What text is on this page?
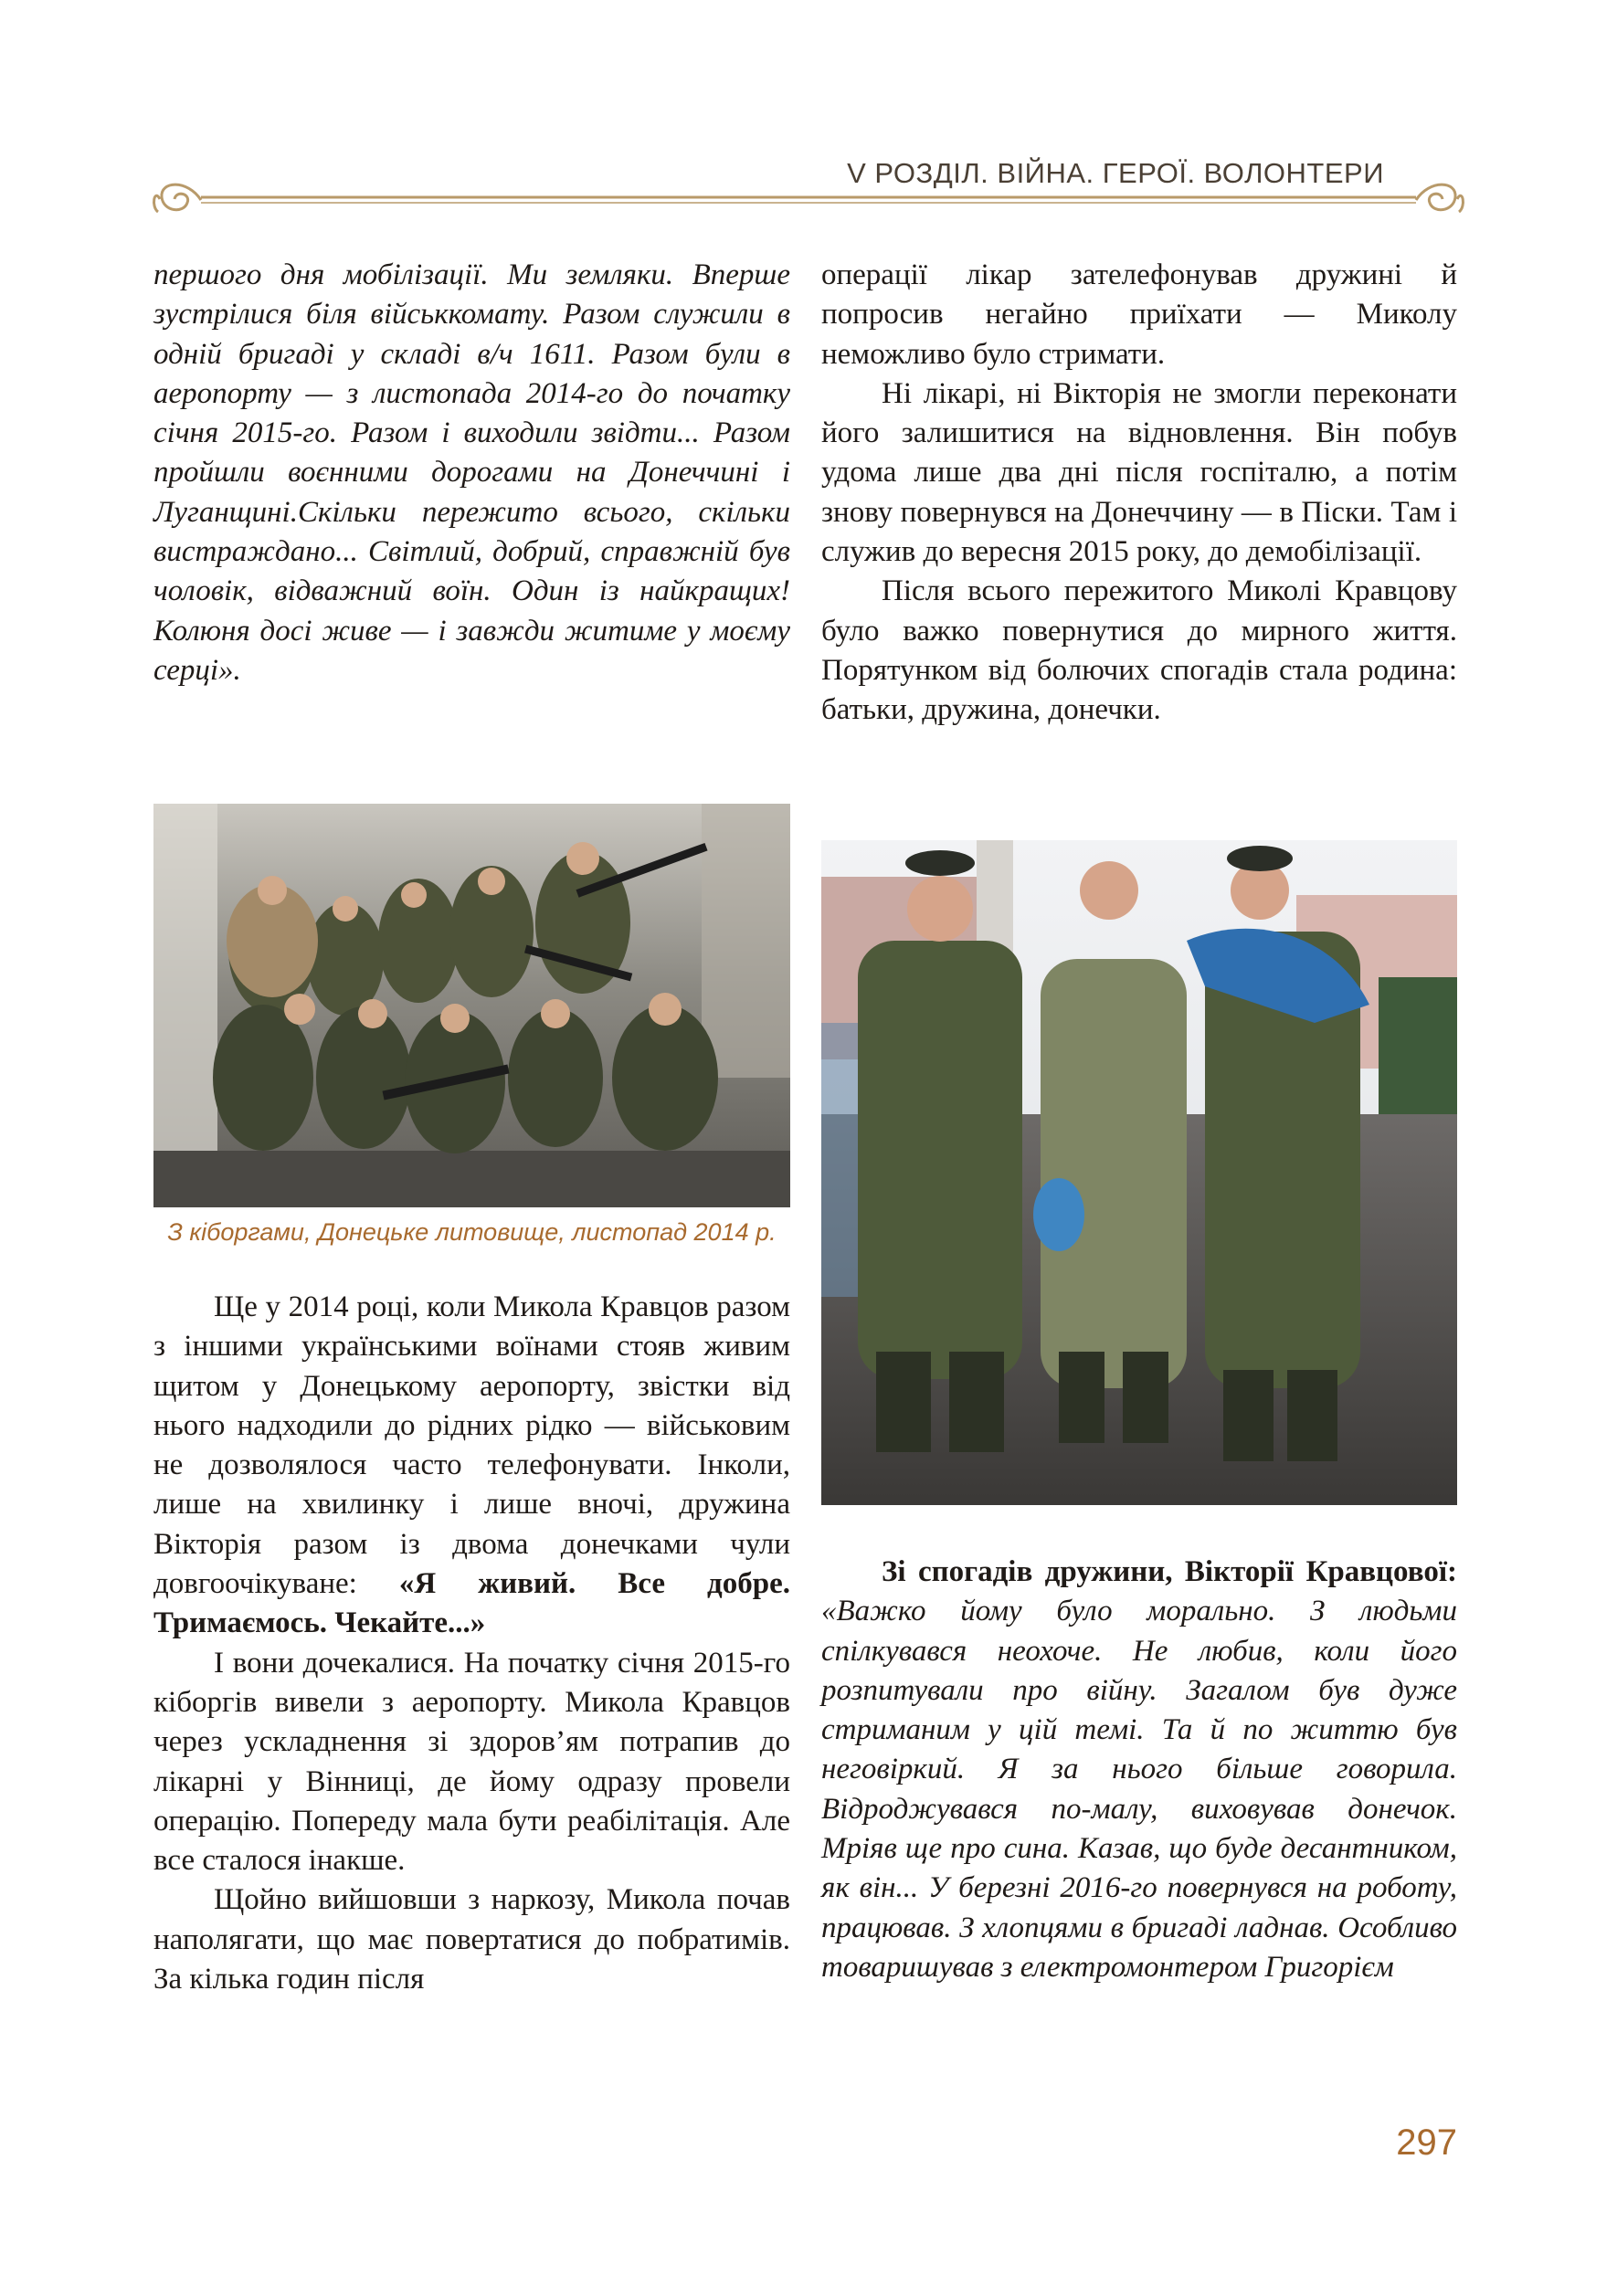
V РОЗДІЛ. ВІЙНА. ГЕРОЇ. ВОЛОНТЕРИ

першого дня мобілізації. Ми земляки. Вперше зустрілися біля військкомату. Разом служили в одній бригаді у складі в/ч 1611. Разом були в аеропорту — з листопада 2014-го до початку січня 2015-го. Разом і виходили звідти... Разом пройшли воєнними дорогами на Донеччині і Луганщині.Скільки пережито всього, скільки вистраждано... Світлий, добрий, справжній був чоловік, відважний воїн. Один із найкращих! Колюня досі живе — і завжди житиме у моєму серці».

З кіборгами, Донецьке литовище, листопад 2014 р.

Ще у 2014 році, коли Микола Кравцов разом з іншими українськими воїнами стояв живим щитом у Донецькому аеропорту, звістки від нього надходили до рідних рідко — військовим не дозволялося часто телефонувати. Інколи, лише на хвилинку і лише вночі, дружина Вікторія разом із двома донечками чули довгоочікуване: «Я живий. Все добре. Тримаємось. Чекайте...»

І вони дочекалися. На початку січня 2015-го кіборгів вивели з аеропорту. Микола Кравцов через ускладнення зі здоров’ям потрапив до лікарні у Вінниці, де йому одразу провели операцію. Попереду мала бути реабілітація. Але все сталося інакше.

Щойно вийшовши з наркозу, Микола почав наполягати, що має повертатися до побратимів. За кілька годин після

операції лікар зателефонував дружині й попросив негайно приїхати — Миколу неможливо було стримати.

Ні лікарі, ні Вікторія не змогли переконати його залишитися на відновлення. Він побув удома лише два дні після госпіталю, а потім знову повернувся на Донеччину — в Піски. Там і служив до вересня 2015 року, до демобілізації.

Після всього пережитого Миколі Кравцову було важко повернутися до мирного життя. Порятунком від болючих спогадів стала родина: батьки, дружина, донечки.

Зі спогадів дружини, Вікторії Кравцової: «Важко йому було морально. З людьми спілкувався неохоче. Не любив, коли його розпитували про війну. Загалом був дуже стриманим у цій темі. Та й по життю був неговіркий. Я за нього більше говорила. Відроджувався по-малу, виховував донечок. Мріяв ще про сина. Казав, що буде десантником, як він... У березні 2016-го повернувся на роботу, працював. З хлопцями в бригаді ладнав. Особливо товаришував з електромонтером Григорієм

297
